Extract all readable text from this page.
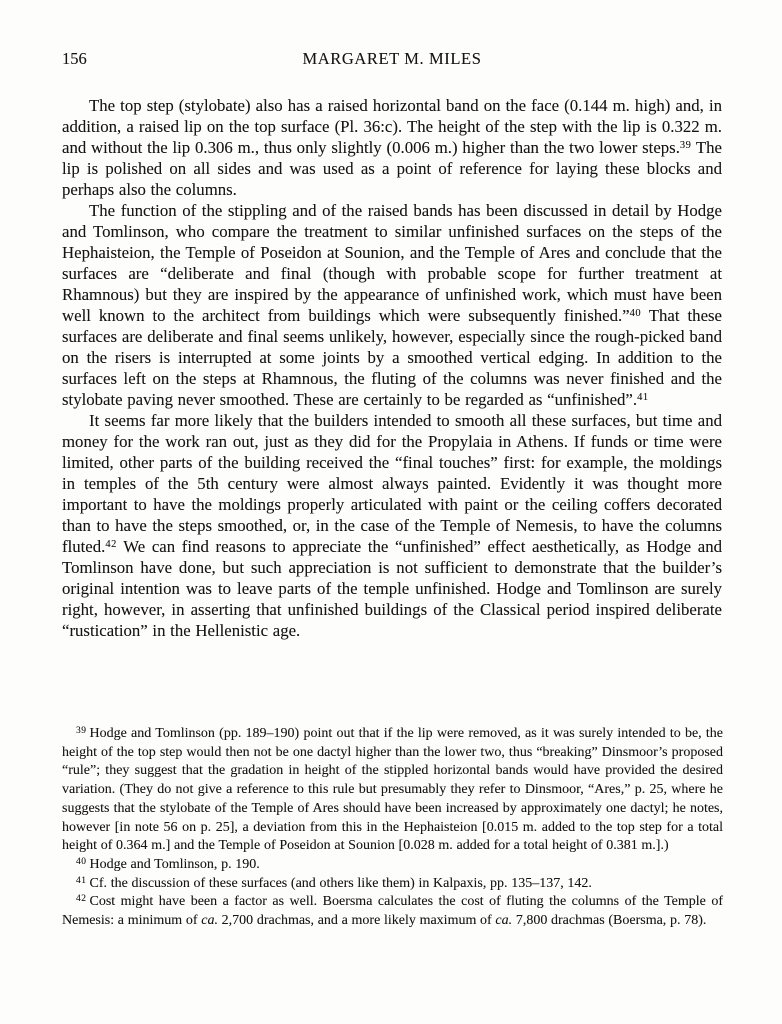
156	MARGARET M. MILES

The top step (stylobate) also has a raised horizontal band on the face (0.144 m. high) and, in addition, a raised lip on the top surface (Pl. 36:c). The height of the step with the lip is 0.322 m. and without the lip 0.306 m., thus only slightly (0.006 m.) higher than the two lower steps.$^{39}$ The lip is polished on all sides and was used as a point of reference for laying these blocks and perhaps also the columns.

The function of the stippling and of the raised bands has been discussed in detail by Hodge and Tomlinson, who compare the treatment to similar unfinished surfaces on the steps of the Hephaisteion, the Temple of Poseidon at Sounion, and the Temple of Ares and conclude that the surfaces are “deliberate and final (though with probable scope for further treatment at Rhamnous) but they are inspired by the appearance of unfinished work, which must have been well known to the architect from buildings which were subsequently finished.”$^{40}$ That these surfaces are deliberate and final seems unlikely, however, especially since the rough-picked band on the risers is interrupted at some joints by a smoothed vertical edging. In addition to the surfaces left on the steps at Rhamnous, the fluting of the columns was never finished and the stylobate paving never smoothed. These are certainly to be regarded as “unfinished”.$^{41}$

It seems far more likely that the builders intended to smooth all these surfaces, but time and money for the work ran out, just as they did for the Propylaia in Athens. If funds or time were limited, other parts of the building received the “final touches” first: for example, the moldings in temples of the 5th century were almost always painted. Evidently it was thought more important to have the moldings properly articulated with paint or the ceiling coffers decorated than to have the steps smoothed, or, in the case of the Temple of Nemesis, to have the columns fluted.$^{42}$ We can find reasons to appreciate the “unfinished” effect aesthetically, as Hodge and Tomlinson have done, but such appreciation is not sufficient to demonstrate that the builder’s original intention was to leave parts of the temple unfinished. Hodge and Tomlinson are surely right, however, in asserting that unfinished buildings of the Classical period inspired deliberate “rustication” in the Hellenistic age.

$^{39}$ Hodge and Tomlinson (pp. 189–190) point out that if the lip were removed, as it was surely intended to be, the height of the top step would then not be one dactyl higher than the lower two, thus “breaking” Dinsmoor’s proposed “rule”; they suggest that the gradation in height of the stippled horizontal bands would have provided the desired variation. (They do not give a reference to this rule but presumably they refer to Dinsmoor, “Ares,” p. 25, where he suggests that the stylobate of the Temple of Ares should have been increased by approximately one dactyl; he notes, however [in note 56 on p. 25], a deviation from this in the Hephaisteion [0.015 m. added to the top step for a total height of 0.364 m.] and the Temple of Poseidon at Sounion [0.028 m. added for a total height of 0.381 m.].)

$^{40}$ Hodge and Tomlinson, p. 190.

$^{41}$ Cf. the discussion of these surfaces (and others like them) in Kalpaxis, pp. 135–137, 142.

$^{42}$ Cost might have been a factor as well. Boersma calculates the cost of fluting the columns of the Temple of Nemesis: a minimum of ca. 2,700 drachmas, and a more likely maximum of ca. 7,800 drachmas (Boersma, p. 78).
